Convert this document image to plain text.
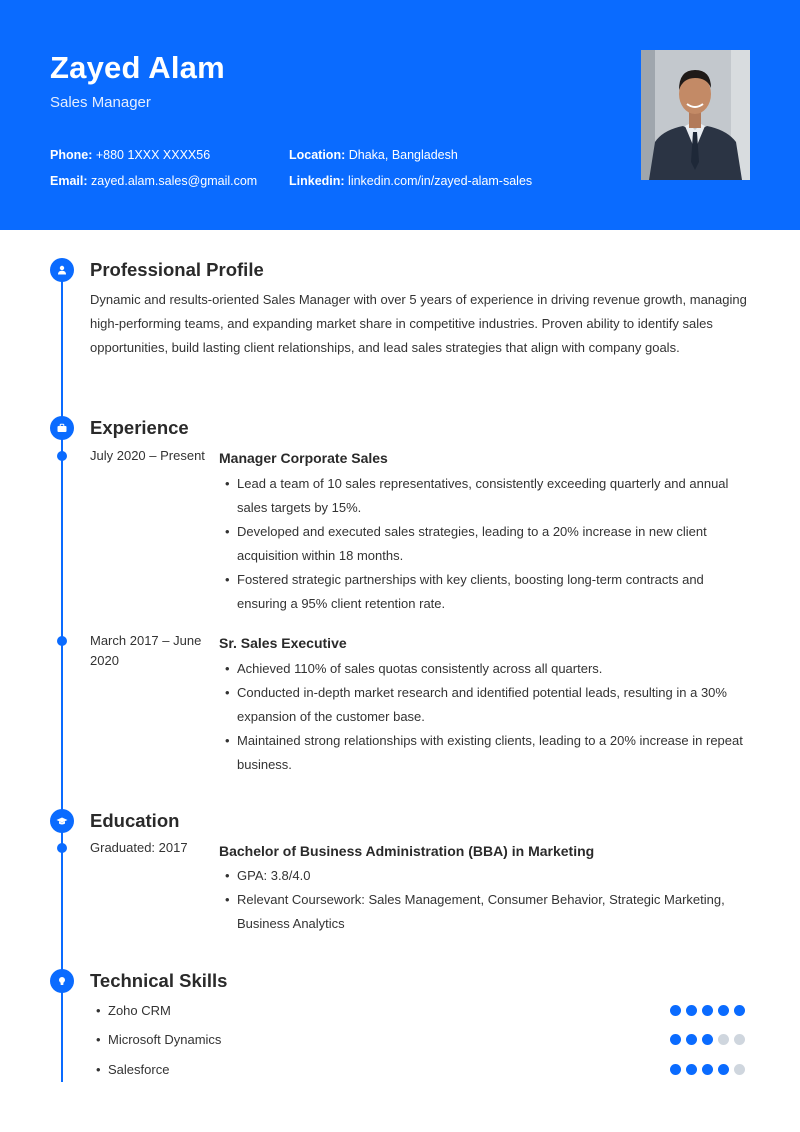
Zayed Alam
Sales Manager
Phone: +880 1XXX XXXX56
Email: zayed.alam.sales@gmail.com
Location: Dhaka, Bangladesh
Linkedin: linkedin.com/in/zayed-alam-sales
Professional Profile
Dynamic and results-oriented Sales Manager with over 5 years of experience in driving revenue growth, managing high-performing teams, and expanding market share in competitive industries. Proven ability to identify sales opportunities, build lasting client relationships, and lead sales strategies that align with company goals.
Experience
July 2020 – Present	Manager Corporate Sales
• Lead a team of 10 sales representatives, consistently exceeding quarterly and annual sales targets by 15%.
• Developed and executed sales strategies, leading to a 20% increase in new client acquisition within 18 months.
• Fostered strategic partnerships with key clients, boosting long-term contracts and ensuring a 95% client retention rate.
March 2017 – June 2020
Sr. Sales Executive
• Achieved 110% of sales quotas consistently across all quarters.
• Conducted in-depth market research and identified potential leads, resulting in a 30% expansion of the customer base.
• Maintained strong relationships with existing clients, leading to a 20% increase in repeat business.
Education
Graduated: 2017	Bachelor of Business Administration (BBA) in Marketing
• GPA: 3.8/4.0
• Relevant Coursework: Sales Management, Consumer Behavior, Strategic Marketing, Business Analytics
Technical Skills
• Zoho CRM
• Microsoft Dynamics
• Salesforce
